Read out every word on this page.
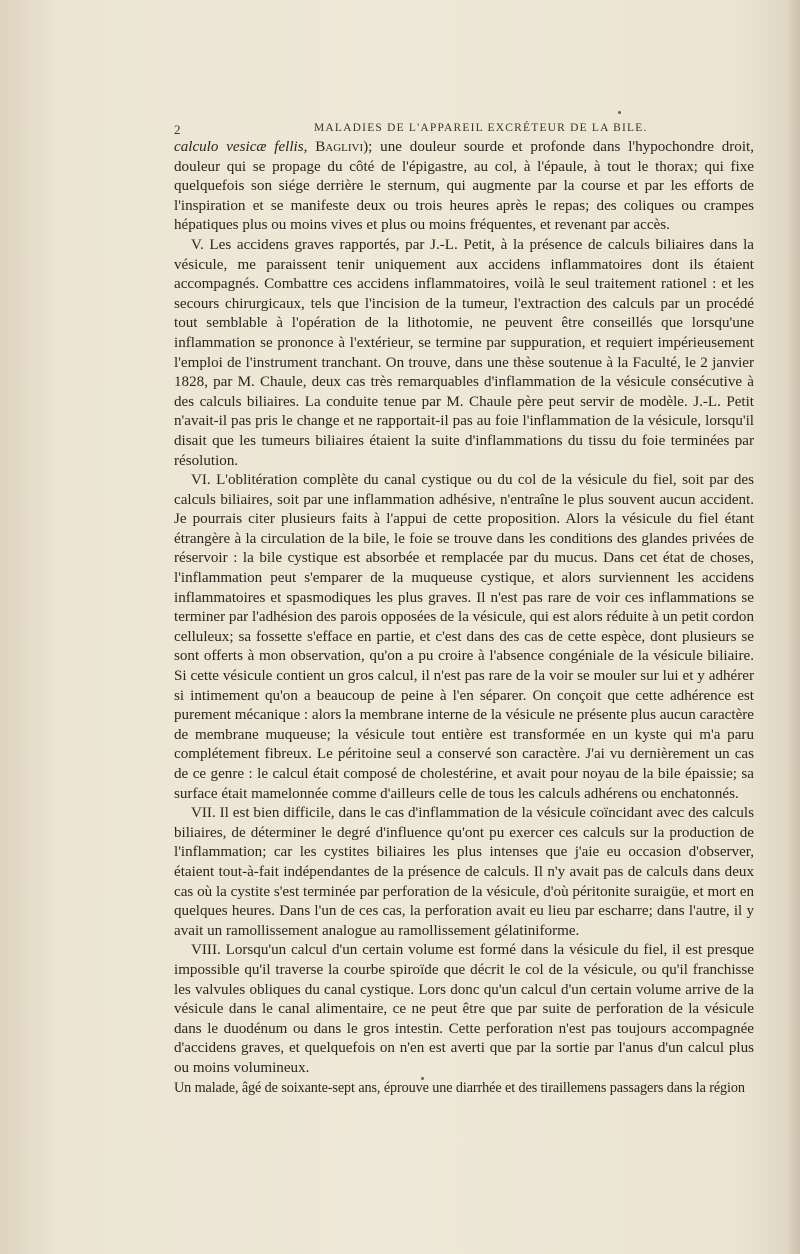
2	MALADIES DE L'APPAREIL EXCRÉTEUR DE LA BILE.

calculo vesicæ fellis, Baglivi); une douleur sourde et profonde dans l'hypochondre droit, douleur qui se propage du côté de l'épigastre, au col, à l'épaule, à tout le thorax; qui fixe quelquefois son siége derrière le sternum, qui augmente par la course et par les efforts de l'inspiration et se manifeste deux ou trois heures après le repas; des coliques ou crampes hépatiques plus ou moins vives et plus ou moins fréquentes, et revenant par accès.

V. Les accidens graves rapportés, par J.-L. Petit, à la présence de calculs biliaires dans la vésicule, me paraissent tenir uniquement aux accidens inflammatoires dont ils étaient accompagnés. Combattre ces accidens inflammatoires, voilà le seul traitement rationel : et les secours chirurgicaux, tels que l'incision de la tumeur, l'extraction des calculs par un procédé tout semblable à l'opération de la lithotomie, ne peuvent être conseillés que lorsqu'une inflammation se prononce à l'extérieur, se termine par suppuration, et requiert impérieusement l'emploi de l'instrument tranchant. On trouve, dans une thèse soutenue à la Faculté, le 2 janvier 1828, par M. Chaule, deux cas très remarquables d'inflammation de la vésicule consécutive à des calculs biliaires. La conduite tenue par M. Chaule père peut servir de modèle. J.-L. Petit n'avait-il pas pris le change et ne rapportait-il pas au foie l'inflammation de la vésicule, lorsqu'il disait que les tumeurs biliaires étaient la suite d'inflammations du tissu du foie terminées par résolution.

VI. L'oblitération complète du canal cystique ou du col de la vésicule du fiel, soit par des calculs biliaires, soit par une inflammation adhésive, n'entraîne le plus souvent aucun accident. Je pourrais citer plusieurs faits à l'appui de cette proposition. Alors la vésicule du fiel étant étrangère à la circulation de la bile, le foie se trouve dans les conditions des glandes privées de réservoir : la bile cystique est absorbée et remplacée par du mucus. Dans cet état de choses, l'inflammation peut s'emparer de la muqueuse cystique, et alors surviennent les accidens inflammatoires et spasmodiques les plus graves. Il n'est pas rare de voir ces inflammations se terminer par l'adhésion des parois opposées de la vésicule, qui est alors réduite à un petit cordon celluleux; sa fossette s'efface en partie, et c'est dans des cas de cette espèce, dont plusieurs se sont offerts à mon observation, qu'on a pu croire à l'absence congéniale de la vésicule biliaire. Si cette vésicule contient un gros calcul, il n'est pas rare de la voir se mouler sur lui et y adhérer si intimement qu'on a beaucoup de peine à l'en séparer. On conçoit que cette adhérence est purement mécanique : alors la membrane interne de la vésicule ne présente plus aucun caractère de membrane muqueuse; la vésicule tout entière est transformée en un kyste qui m'a paru complétement fibreux. Le péritoine seul a conservé son caractère. J'ai vu dernièrement un cas de ce genre : le calcul était composé de cholestérine, et avait pour noyau de la bile épaissie; sa surface était mamelonnée comme d'ailleurs celle de tous les calculs adhérens ou enchatonnés.

VII. Il est bien difficile, dans le cas d'inflammation de la vésicule coïncidant avec des calculs biliaires, de déterminer le degré d'influence qu'ont pu exercer ces calculs sur la production de l'inflammation; car les cystites biliaires les plus intenses que j'aie eu occasion d'observer, étaient tout-à-fait indépendantes de la présence de calculs. Il n'y avait pas de calculs dans deux cas où la cystite s'est terminée par perforation de la vésicule, d'où péritonite suraigüe, et mort en quelques heures. Dans l'un de ces cas, la perforation avait eu lieu par escharre; dans l'autre, il y avait un ramollissement analogue au ramollissement gélatiniforme.

VIII. Lorsqu'un calcul d'un certain volume est formé dans la vésicule du fiel, il est presque impossible qu'il traverse la courbe spiroïde que décrit le col de la vésicule, ou qu'il franchisse les valvules obliques du canal cystique. Lors donc qu'un calcul d'un certain volume arrive de la vésicule dans le canal alimentaire, ce ne peut être que par suite de perforation de la vésicule dans le duodénum ou dans le gros intestin. Cette perforation n'est pas toujours accompagnée d'accidens graves, et quelquefois on n'en est averti que par la sortie par l'anus d'un calcul plus ou moins volumineux.

Un malade, âgé de soixante-sept ans, éprouve une diarrhée et des tiraillemens passagers dans la région
